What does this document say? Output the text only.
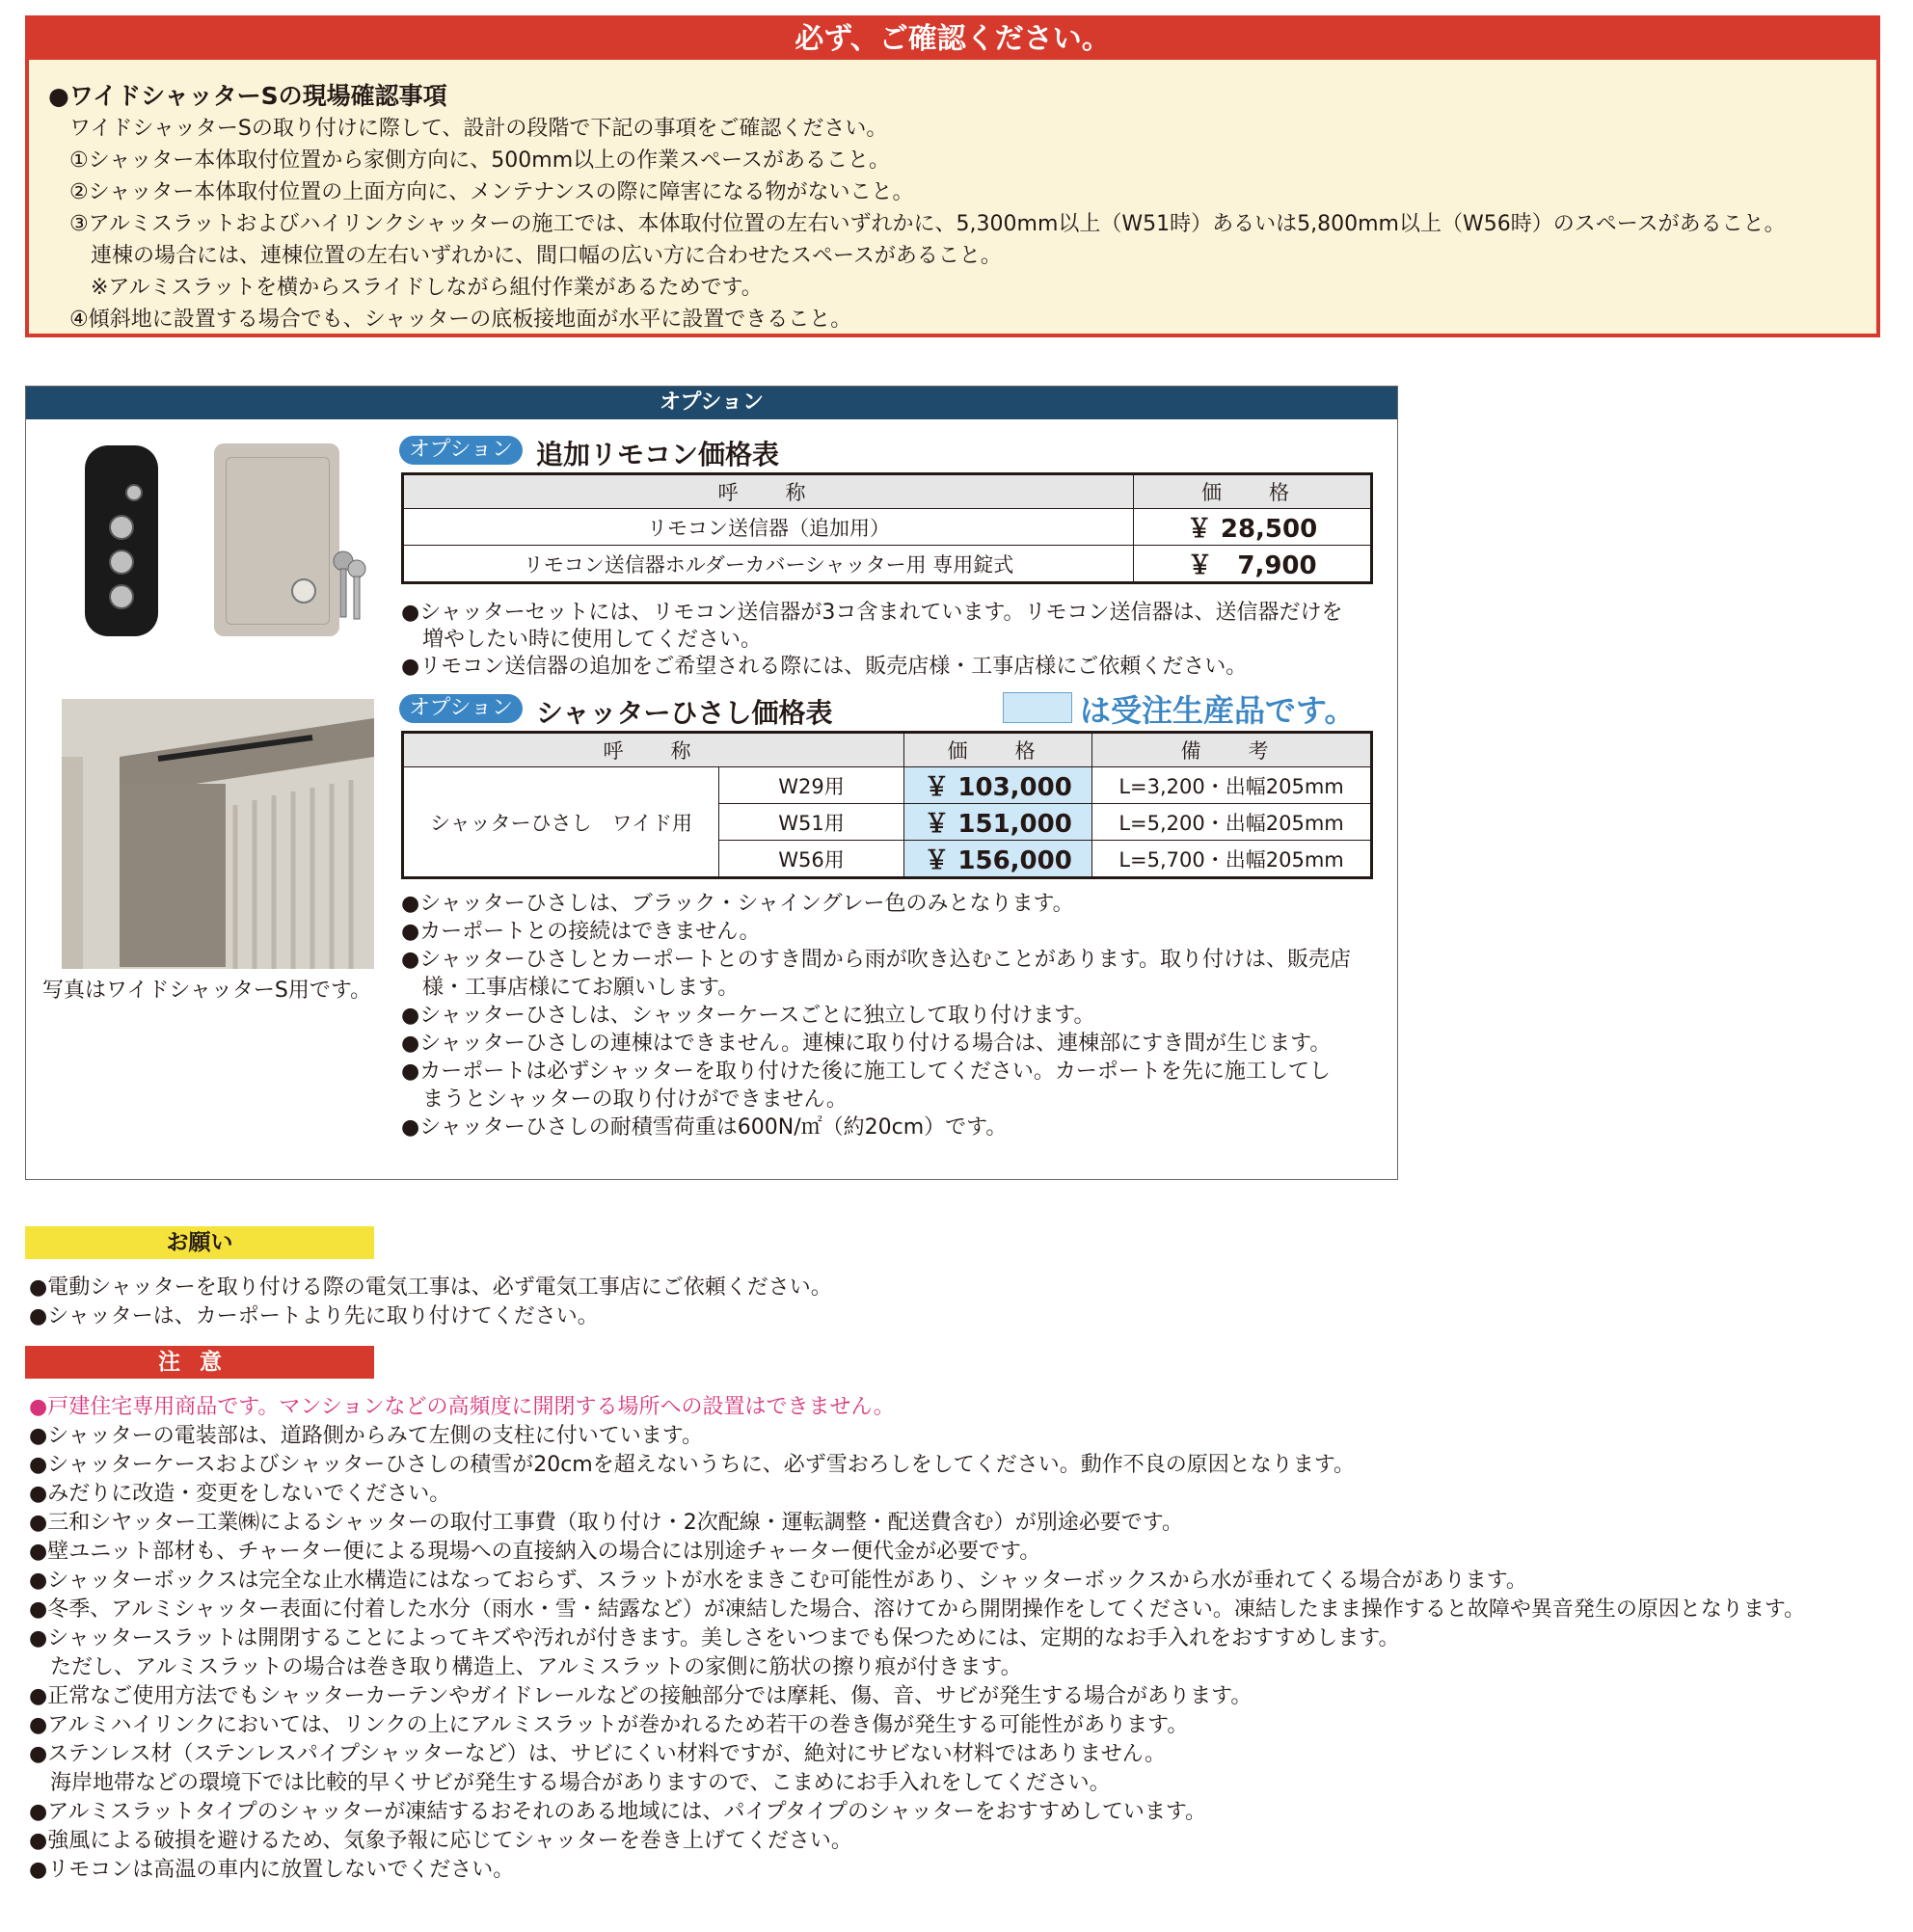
必ず、ご確認ください。
●ワイドシャッターSの現場確認事項
ワイドシャッターSの取り付けに際して、設計の段階で下記の事項をご確認ください。
①シャッター本体取付位置から家側方向に、500mm以上の作業スペースがあること。
②シャッター本体取付位置の上面方向に、メンテナンスの際に障害になる物がないこと。
③アルミスラットおよびハイリンクシャッターの施工では、本体取付位置の左右いずれかに、5,300mm以上（W51時）あるいは5,800mm以上（W56時）のスペースがあること。
連棟の場合には、連棟位置の左右いずれかに、間口幅の広い方に合わせたスペースがあること。
※アルミスラットを横からスライドしながら組付作業があるためです。
④傾斜地に設置する場合でも、シャッターの底板接地面が水平に設置できること。
オプション
写真はワイドシャッターS用です。
オプション 追加リモコン価格表
呼　称	価　格
リモコン送信器（追加用）	￥ 28,500
リモコン送信器ホルダーカバーシャッター用 専用錠式	￥　7,900
●シャッターセットには、リモコン送信器が3コ含まれています。リモコン送信器は、送信器だけを
　増やしたい時に使用してください。
●リモコン送信器の追加をご希望される際には、販売店様・工事店様にご依頼ください。
オプション シャッターひさし価格表	は受注生産品です。
呼　称		価　格	備　考
シャッターひさし　ワイド用	W29用	￥ 103,000	L=3,200・出幅205mm
	W51用	￥ 151,000	L=5,200・出幅205mm
	W56用	￥ 156,000	L=5,700・出幅205mm
●シャッターひさしは、ブラック・シャイングレー色のみとなります。
●カーポートとの接続はできません。
●シャッターひさしとカーポートとのすき間から雨が吹き込むことがあります。取り付けは、販売店
　様・工事店様にてお願いします。
●シャッターひさしは、シャッターケースごとに独立して取り付けます。
●シャッターひさしの連棟はできません。連棟に取り付ける場合は、連棟部にすき間が生じます。
●カーポートは必ずシャッターを取り付けた後に施工してください。カーポートを先に施工してし
　まうとシャッターの取り付けができません。
●シャッターひさしの耐積雪荷重は600N/㎡（約20cm）です。
お願い
●電動シャッターを取り付ける際の電気工事は、必ず電気工事店にご依頼ください。
●シャッターは、カーポートより先に取り付けてください。
注意
●戸建住宅専用商品です。マンションなどの高頻度に開閉する場所への設置はできません。
●シャッターの電装部は、道路側からみて左側の支柱に付いています。
●シャッターケースおよびシャッターひさしの積雪が20cmを超えないうちに、必ず雪おろしをしてください。動作不良の原因となります。
●みだりに改造・変更をしないでください。
●三和シヤッター工業㈱によるシャッターの取付工事費（取り付け・2次配線・運転調整・配送費含む）が別途必要です。
●壁ユニット部材も、チャーター便による現場への直接納入の場合には別途チャーター便代金が必要です。
●シャッターボックスは完全な止水構造にはなっておらず、スラットが水をまきこむ可能性があり、シャッターボックスから水が垂れてくる場合があります。
●冬季、アルミシャッター表面に付着した水分（雨水・雪・結露など）が凍結した場合、溶けてから開閉操作をしてください。凍結したまま操作すると故障や異音発生の原因となります。
●シャッタースラットは開閉することによってキズや汚れが付きます。美しさをいつまでも保つためには、定期的なお手入れをおすすめします。
　ただし、アルミスラットの場合は巻き取り構造上、アルミスラットの家側に筋状の擦り痕が付きます。
●正常なご使用方法でもシャッターカーテンやガイドレールなどの接触部分では摩耗、傷、音、サビが発生する場合があります。
●アルミハイリンクにおいては、リンクの上にアルミスラットが巻かれるため若干の巻き傷が発生する可能性があります。
●ステンレス材（ステンレスパイプシャッターなど）は、サビにくい材料ですが、絶対にサビない材料ではありません。
　海岸地帯などの環境下では比較的早くサビが発生する場合がありますので、こまめにお手入れをしてください。
●アルミスラットタイプのシャッターが凍結するおそれのある地域には、パイプタイプのシャッターをおすすめしています。
●強風による破損を避けるため、気象予報に応じてシャッターを巻き上げてください。
●リモコンは高温の車内に放置しないでください。
